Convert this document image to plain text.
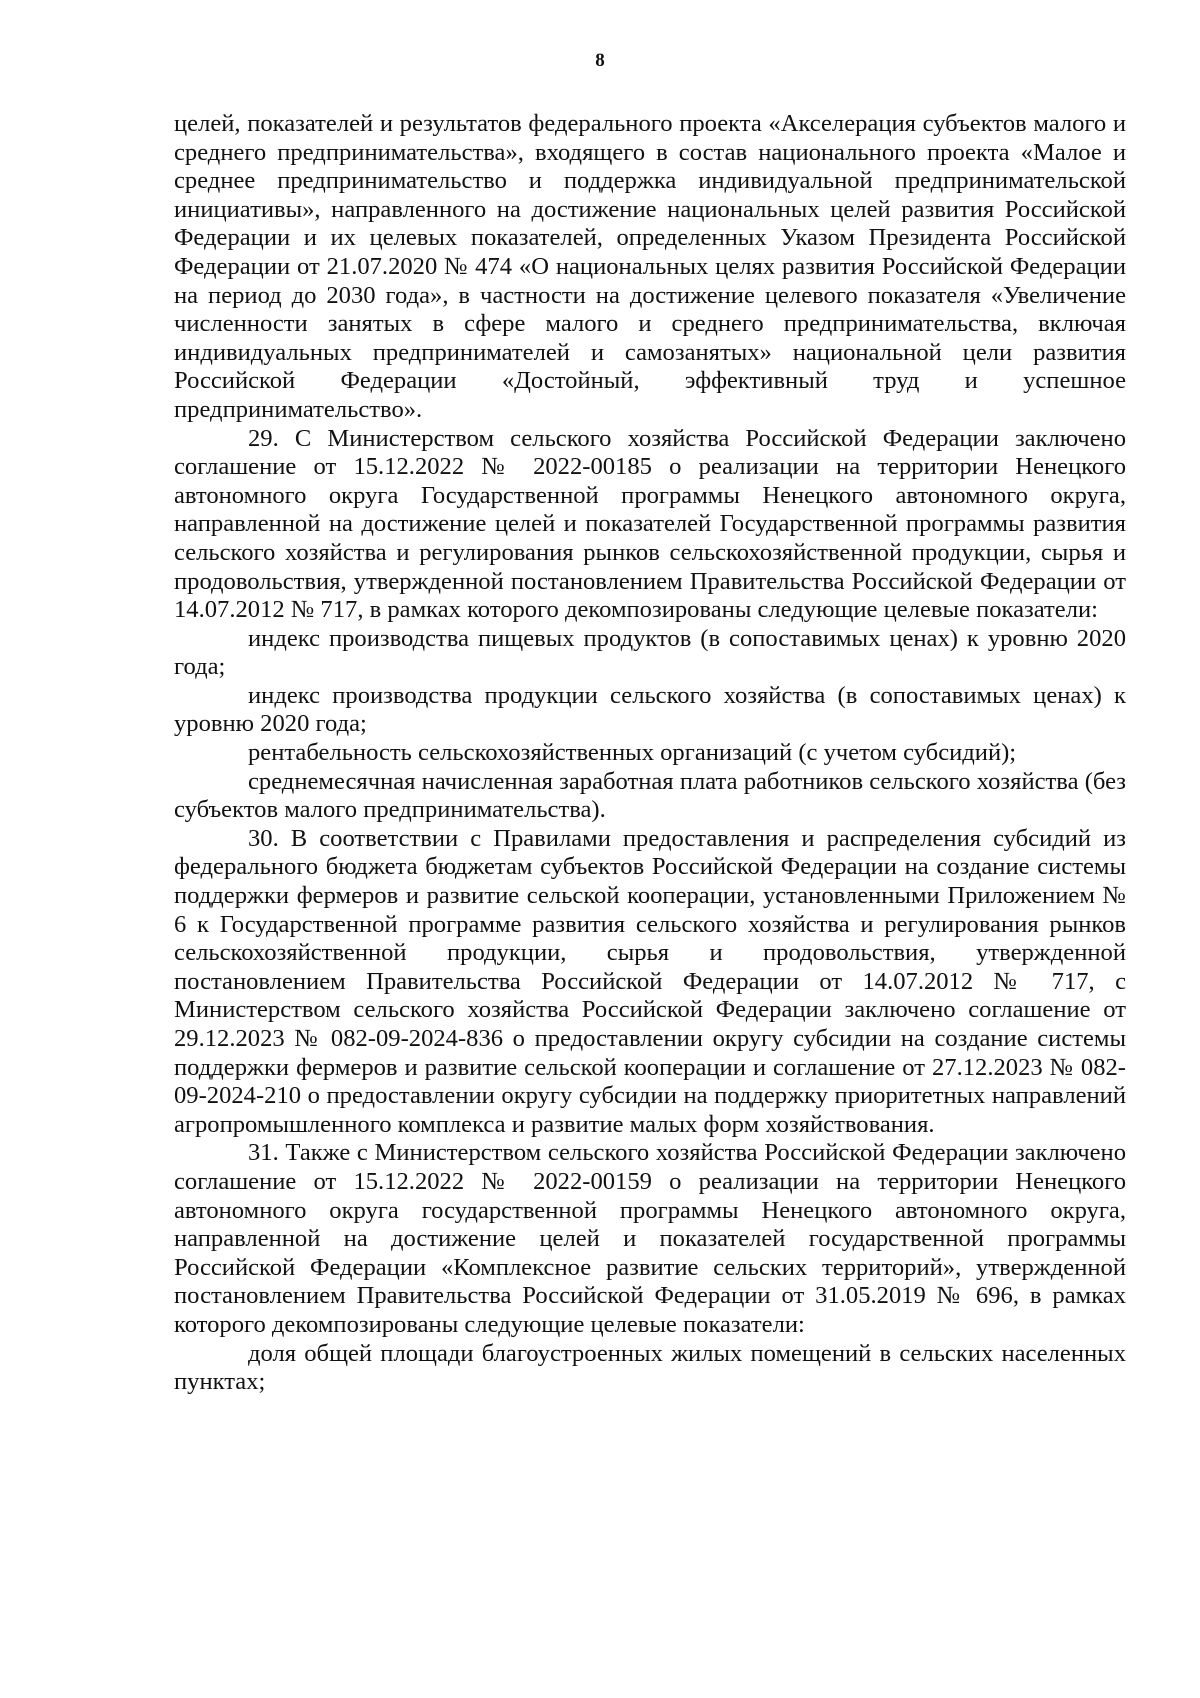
8

целей, показателей и результатов федерального проекта «Акселерация субъектов малого и среднего предпринимательства», входящего в состав национального проекта «Малое и среднее предпринимательство и поддержка индивидуальной предпринимательской инициативы», направленного на достижение национальных целей развития Российской Федерации и их целевых показателей, определенных Указом Президента Российской Федерации от 21.07.2020 № 474 «О национальных целях развития Российской Федерации на период до 2030 года», в частности на достижение целевого показателя «Увеличение численности занятых в сфере малого и среднего предпринимательства, включая индивидуальных предпринимателей и самозанятых» национальной цели развития Российской Федерации «Достойный, эффективный труд и успешное предпринимательство».

29. С Министерством сельского хозяйства Российской Федерации заключено соглашение от 15.12.2022 № 2022-00185 о реализации на территории Ненецкого автономного округа Государственной программы Ненецкого автономного округа, направленной на достижение целей и показателей Государственной программы развития сельского хозяйства и регулирования рынков сельскохозяйственной продукции, сырья и продовольствия, утвержденной постановлением Правительства Российской Федерации от 14.07.2012 № 717, в рамках которого декомпозированы следующие целевые показатели:

индекс производства пищевых продуктов (в сопоставимых ценах) к уровню 2020 года;

индекс производства продукции сельского хозяйства (в сопоставимых ценах) к уровню 2020 года;

рентабельность сельскохозяйственных организаций (с учетом субсидий);

среднемесячная начисленная заработная плата работников сельского хозяйства (без субъектов малого предпринимательства).

30. В соответствии с Правилами предоставления и распределения субсидий из федерального бюджета бюджетам субъектов Российской Федерации на создание системы поддержки фермеров и развитие сельской кооперации, установленными Приложением № 6 к Государственной программе развития сельского хозяйства и регулирования рынков сельскохозяйственной продукции, сырья и продовольствия, утвержденной постановлением Правительства Российской Федерации от 14.07.2012 № 717, с Министерством сельского хозяйства Российской Федерации заключено соглашение от 29.12.2023 № 082-09-2024-836 о предоставлении округу субсидии на создание системы поддержки фермеров и развитие сельской кооперации и соглашение от 27.12.2023 № 082-09-2024-210 о предоставлении округу субсидии на поддержку приоритетных направлений агропромышленного комплекса и развитие малых форм хозяйствования.

31. Также с Министерством сельского хозяйства Российской Федерации заключено соглашение от 15.12.2022 № 2022-00159 о реализации на территории Ненецкого автономного округа государственной программы Ненецкого автономного округа, направленной на достижение целей и показателей государственной программы Российской Федерации «Комплексное развитие сельских территорий», утвержденной постановлением Правительства Российской Федерации от 31.05.2019 № 696, в рамках которого декомпозированы следующие целевые показатели:

доля общей площади благоустроенных жилых помещений в сельских населенных пунктах;
